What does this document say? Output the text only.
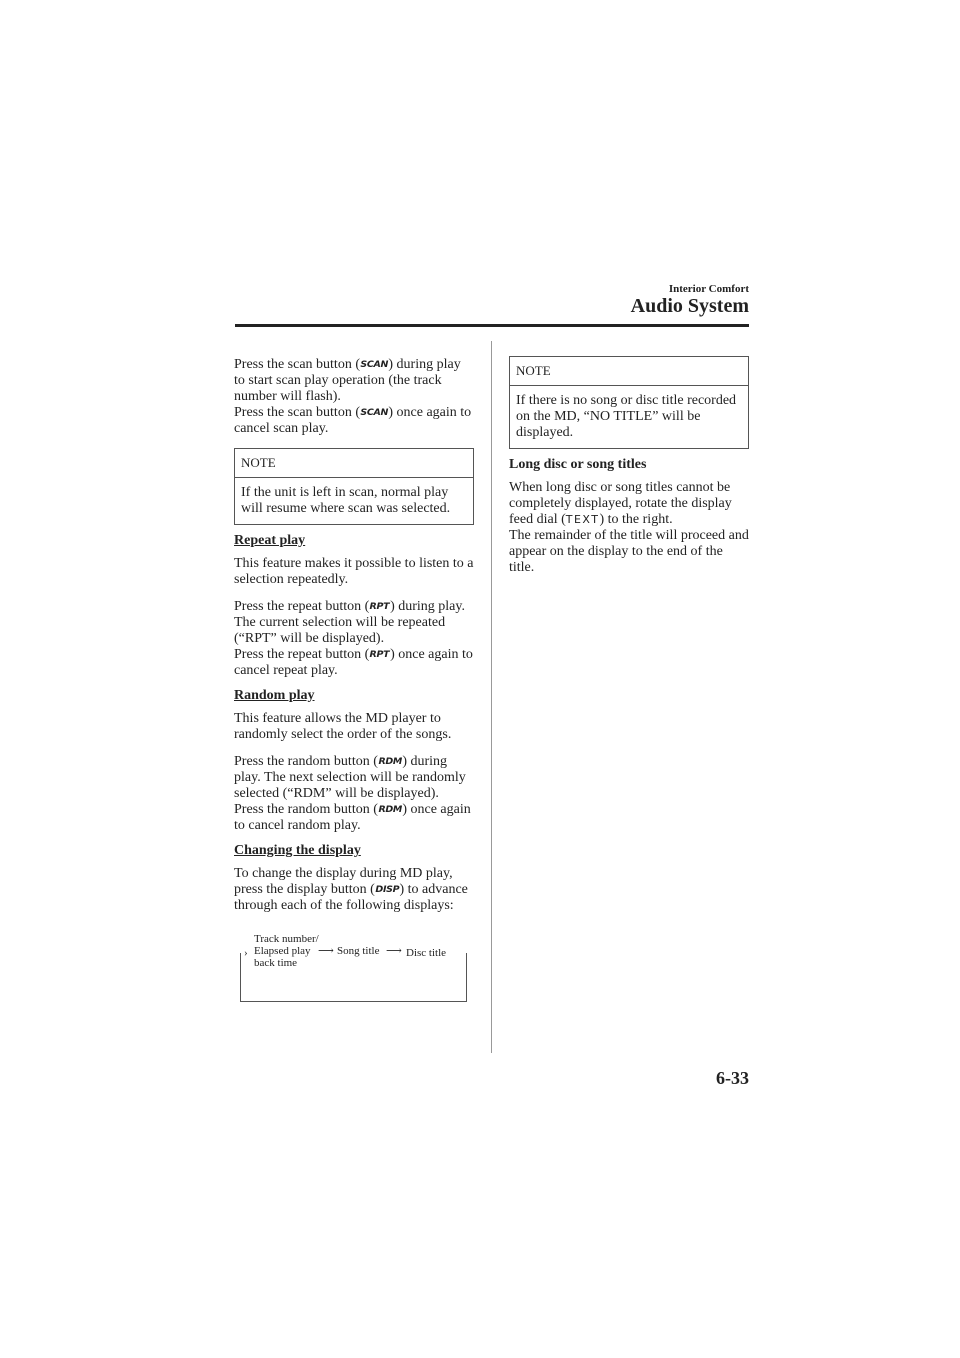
Interior Comfort
Audio System

Press the scan button (SCAN) during play to start scan play operation (the track number will flash).
Press the scan button (SCAN) once again to cancel scan play.

NOTE
If the unit is left in scan, normal play will resume where scan was selected.

Repeat play

This feature makes it possible to listen to a selection repeatedly.

Press the repeat button (RPT) during play. The current selection will be repeated (“RPT” will be displayed).
Press the repeat button (RPT) once again to cancel repeat play.

Random play

This feature allows the MD player to randomly select the order of the songs.

Press the random button (RDM) during play. The next selection will be randomly selected (“RDM” will be displayed).
Press the random button (RDM) once again to cancel random play.

Changing the display

To change the display during MD play, press the display button (DISP) to advance through each of the following displays:

Track number/
Elapsed play
back time
›	⟶ Song title ⟶ Disc title
NOTE
If there is no song or disc title recorded on the MD, “NO TITLE” will be displayed.

Long disc or song titles

When long disc or song titles cannot be completely displayed, rotate the display feed dial (TEXT) to the right.
The remainder of the title will proceed and appear on the display to the end of the title.

6-33
